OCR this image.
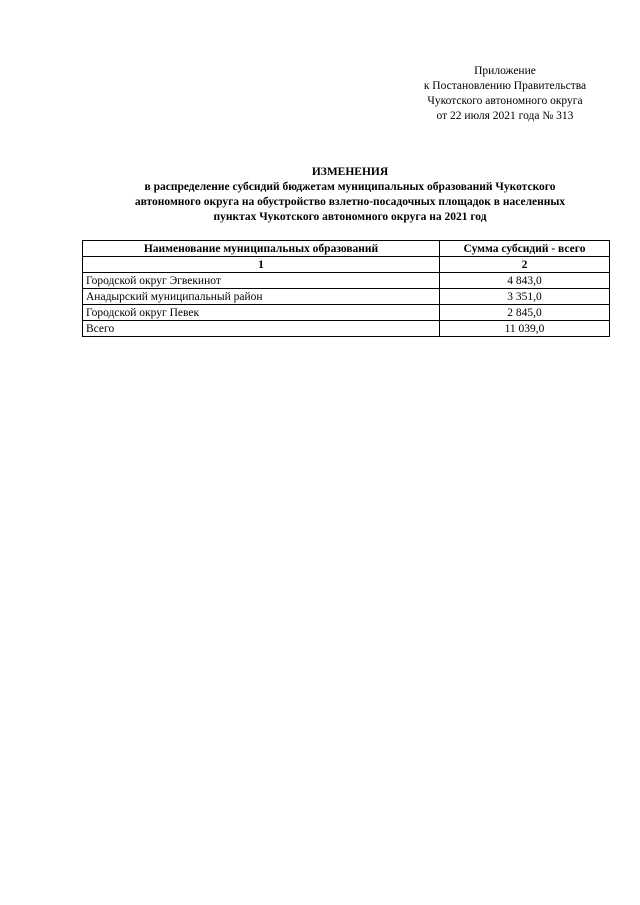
Приложение
к Постановлению Правительства
Чукотского автономного округа
от 22 июля 2021 года № 313
ИЗМЕНЕНИЯ
в распределение субсидий бюджетам муниципальных образований Чукотского
автономного округа на обустройство взлетно-посадочных площадок в населенных
пунктах Чукотского автономного округа на 2021 год
Наименование муниципальных образований	Сумма субсидий - всего
1	2
Городской округ Эгвекинот	4 843,0
Анадырский муниципальный район	3 351,0
Городской округ Певек	2 845,0
Всего	11 039,0
